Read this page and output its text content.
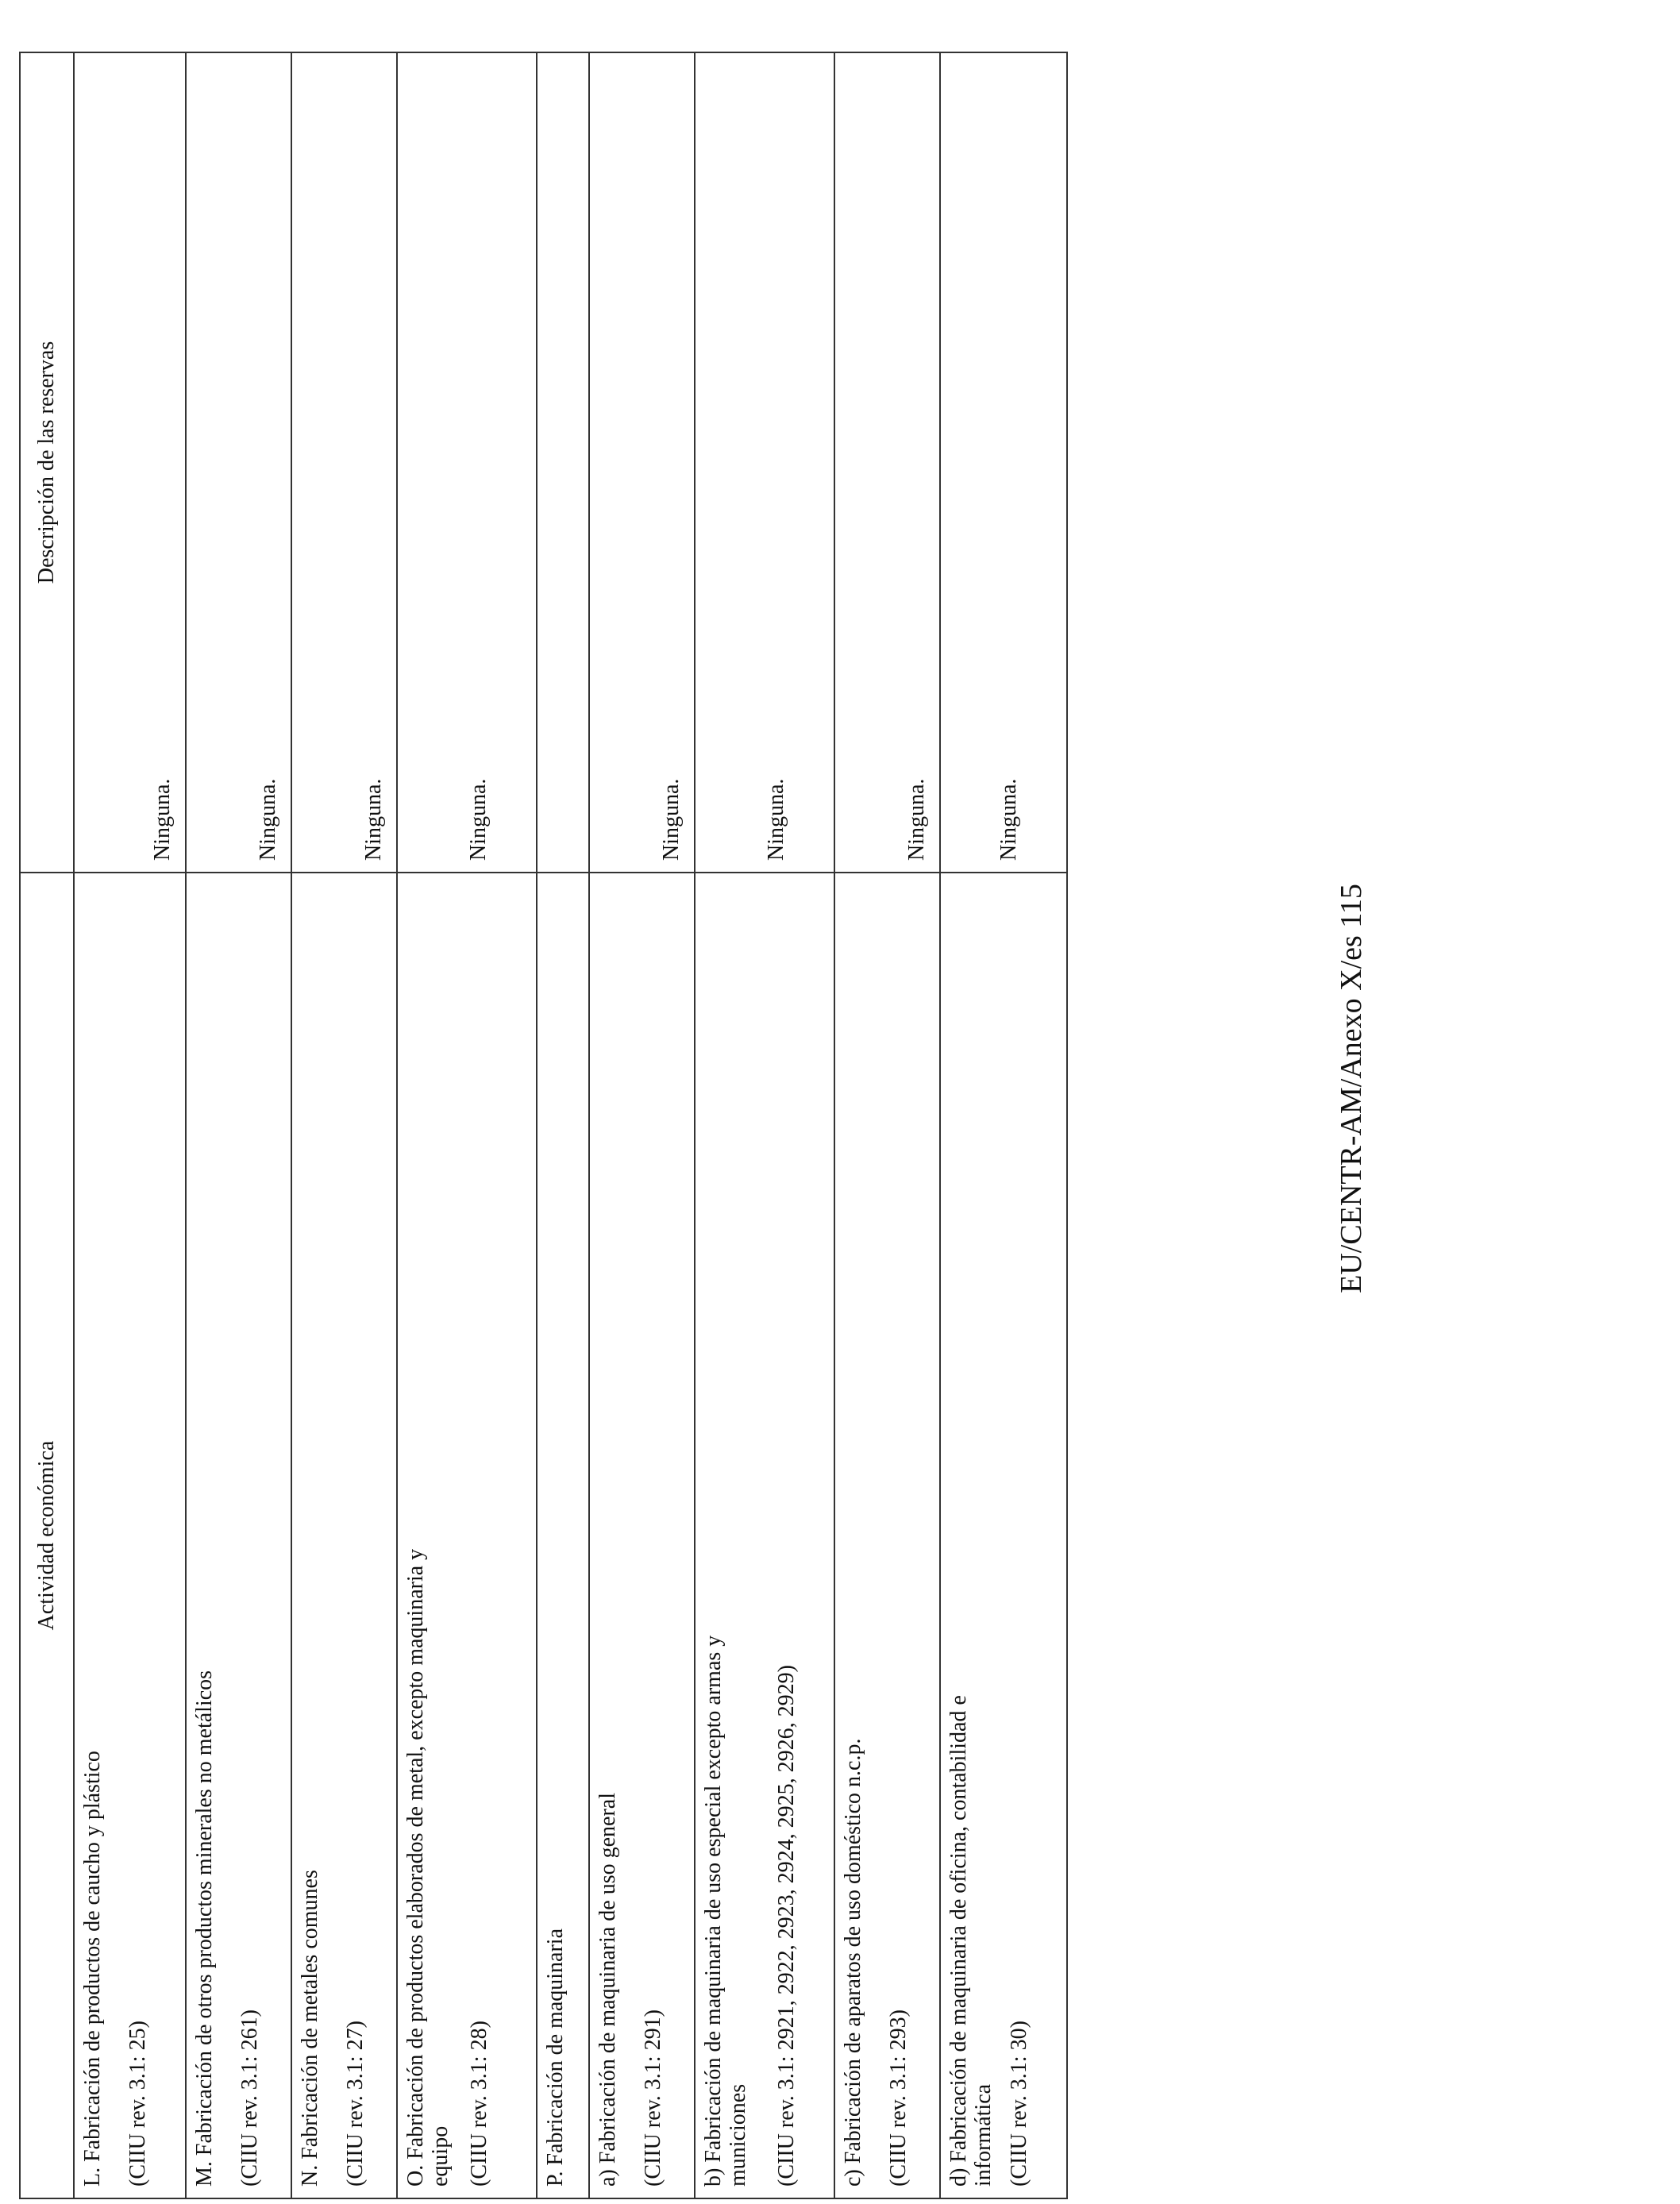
Actividad económica	Descripción de las reservas

L. Fabricación de productos de caucho y plástico (CIIU rev. 3.1: 25)	Ninguna.

M. Fabricación de otros productos minerales no metálicos (CIIU rev. 3.1: 261)	Ninguna.

N. Fabricación de metales comunes (CIIU rev. 3.1: 27)	Ninguna.

O. Fabricación de productos elaborados de metal, excepto maquinaria y equipo (CIIU rev. 3.1: 28)	Ninguna.

P. Fabricación de maquinaria	

a) Fabricación de maquinaria de uso general (CIIU rev. 3.1: 291)	Ninguna.

b) Fabricación de maquinaria de uso especial excepto armas y municiones (CIIU rev. 3.1: 2921, 2922, 2923, 2924, 2925, 2926, 2929)	Ninguna.

c) Fabricación de aparatos de uso doméstico n.c.p. (CIIU rev. 3.1: 293)	Ninguna.

d) Fabricación de maquinaria de oficina, contabilidad e informática (CIIU rev. 3.1: 30)	Ninguna.
EU/CENTR-AM/Anexo X/es 115
